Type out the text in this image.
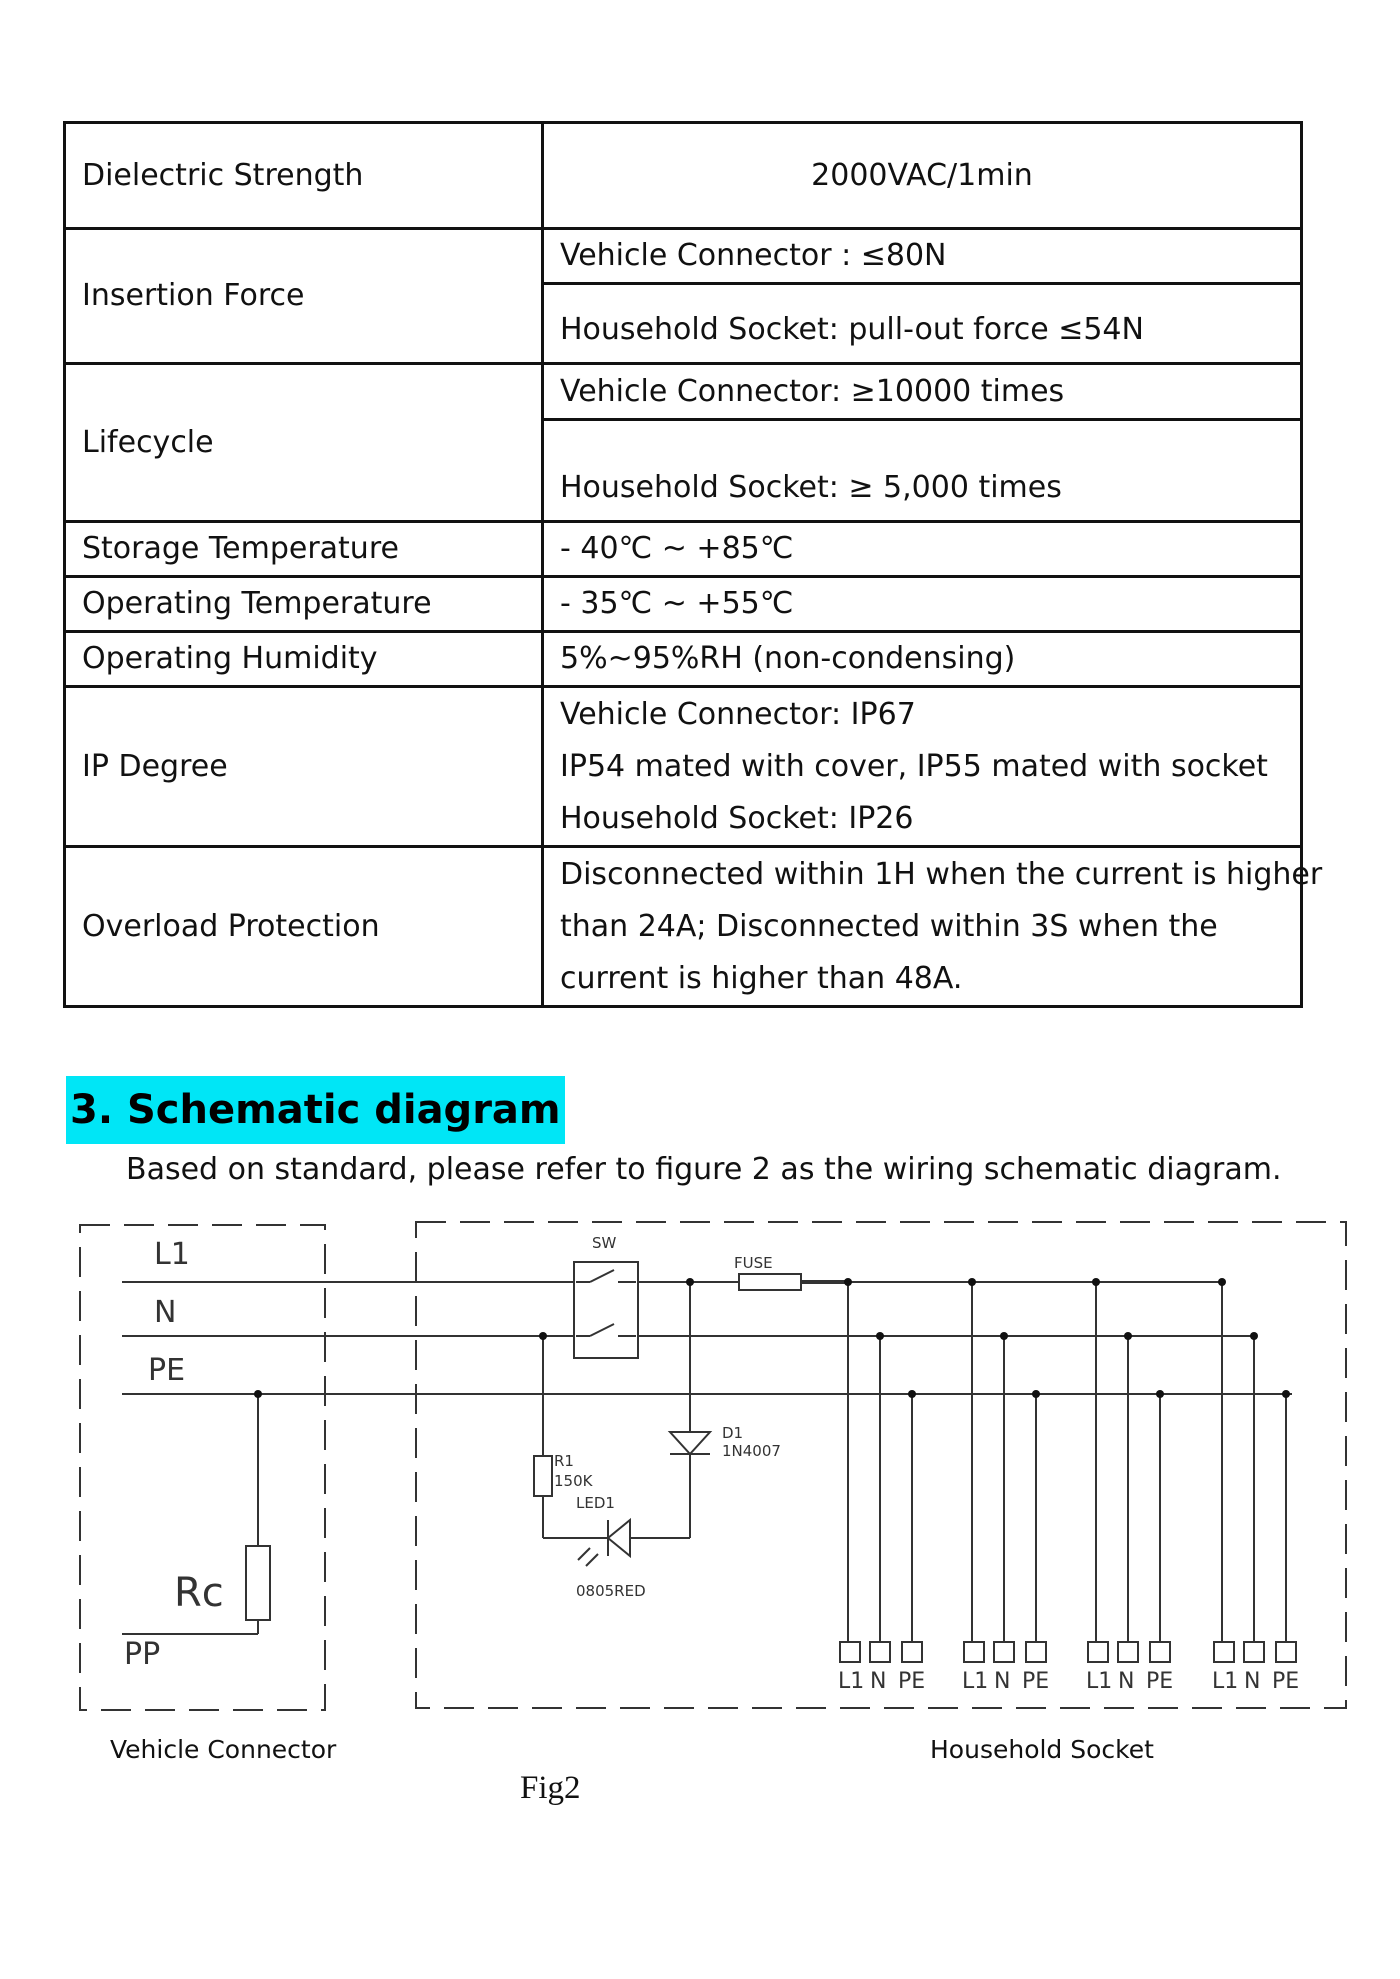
Dielectric Strength	2000VAC/1min
Insertion Force	Vehicle Connector : ≤80N
	Household Socket: pull-out force ≤54N
Lifecycle	Vehicle Connector: ≥10000 times
	Household Socket: ≥ 5,000 times
Storage Temperature	- 40℃ ~ +85℃
Operating Temperature	- 35℃ ~ +55℃
Operating Humidity	5%~95%RH (non-condensing)
IP Degree	Vehicle Connector: IP67
IP54 mated with cover, IP55 mated with socket
Household Socket: IP26

Overload Protection	Disconnected within 1H when the current is higher
than 24A; Disconnected within 3S when the
current is higher than 48A.
3. Schematic diagram
Based on standard, please refer to figure 2 as the wiring schematic diagram.
L1
N
PE
Rc
PP
SW
FUSE
D1
1N4007
R1
150K
LED1
0805RED
L1 N PE L1 N PE L1 N PE L1 N PE
Vehicle Connector	Household Socket
Fig2
